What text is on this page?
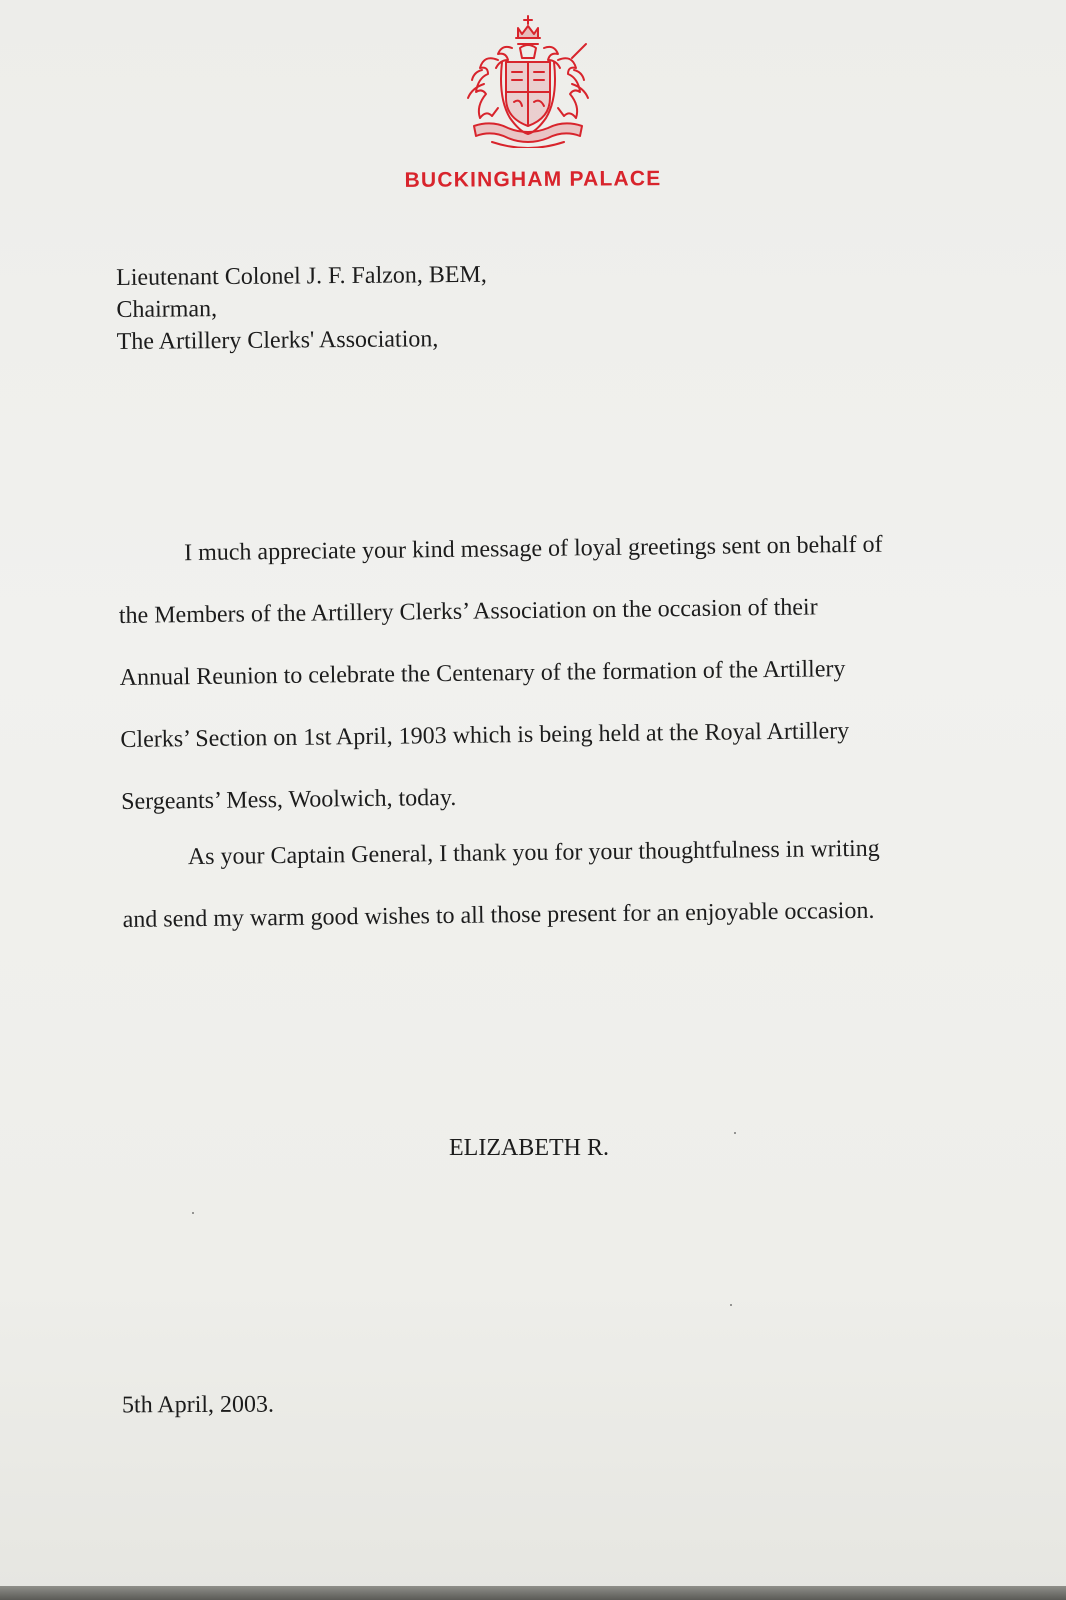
BUCKINGHAM PALACE
Lieutenant Colonel J. F. Falzon, BEM,
Chairman,
The Artillery Clerks' Association,
I much appreciate your kind message of loyal greetings sent on behalf of
the Members of the Artillery Clerks’ Association on the occasion of their
Annual Reunion to celebrate the Centenary of the formation of the Artillery
Clerks’ Section on 1st April, 1903 which is being held at the Royal Artillery
Sergeants’ Mess, Woolwich, today.
As your Captain General, I thank you for your thoughtfulness in writing
and send my warm good wishes to all those present for an enjoyable occasion.
ELIZABETH R.
5th April, 2003.
